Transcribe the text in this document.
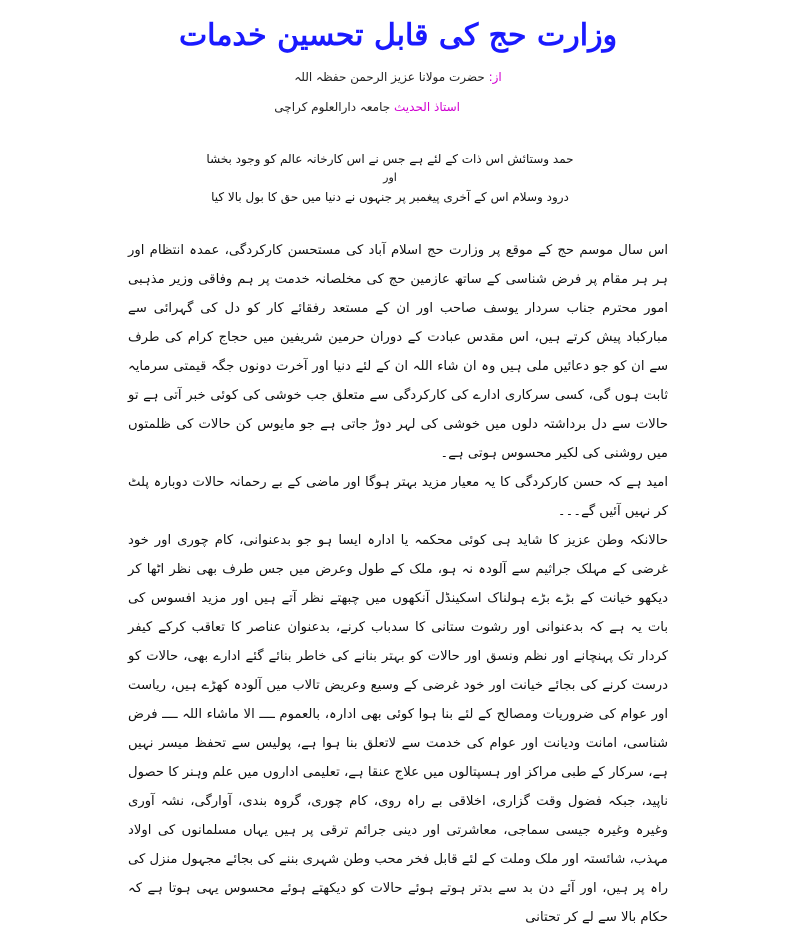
وزارت حج کی قابل تحسین خدمات
از: حضرت مولانا عزیز الرحمن حفظہ اللہ
استاذ الحدیث جامعہ دارالعلوم کراچی

حمد وستائش اس ذات کے لئے ہے جس نے اس کارخانہ عالم کو وجود بخشا

اور

درود وسلام اس کے آخری پیغمبر پر جنہوں نے دنیا میں حق کا بول بالا کیا

اس سال موسم حج کے موقع پر وزارت حج اسلام آباد کی مستحسن کارکردگی، عمدہ انتظام اور ہر ہر مقام پر فرض شناسی کے ساتھ عازمین حج کی مخلصانہ خدمت پر ہم وفاقی وزیر مذہبی امور محترم جناب سردار یوسف صاحب اور ان کے مستعد رفقائے کار کو دل کی گہرائی سے مبارکباد پیش کرتے ہیں، اس مقدس عبادت کے دوران حرمین شریفین میں حجاج کرام کی طرف سے ان کو جو دعائیں ملی ہیں وہ ان شاء اللہ ان کے لئے دنیا اور آخرت دونوں جگہ قیمتی سرمایہ ثابت ہوں گی، کسی سرکاری ادارے کی کارکردگی سے متعلق جب خوشی کی کوئی خبر آتی ہے تو حالات سے دل برداشتہ دلوں میں خوشی کی لہر دوڑ جاتی ہے جو مایوس کن حالات کی ظلمتوں میں روشنی کی لکیر محسوس ہوتی ہے۔

امید ہے کہ حسن کارکردگی کا یہ معیار مزید بہتر ہوگا اور ماضی کے بے رحمانہ حالات دوبارہ پلٹ کر نہیں آئیں گے۔۔۔

حالانکہ وطن عزیز کا شاید ہی کوئی محکمہ یا ادارہ ایسا ہو جو بدعنوانی، کام چوری اور خود غرضی کے مہلک جراثیم سے آلودہ نہ ہو، ملک کے طول وعرض میں جس طرف بھی نظر اٹھا کر دیکھو خیانت کے بڑے بڑے ہولناک اسکینڈل آنکھوں میں چبھتے نظر آتے ہیں اور مزید افسوس کی بات یہ ہے کہ بدعنوانی اور رشوت ستانی کا سدباب کرنے، بدعنوان عناصر کا تعاقب کرکے کیفر کردار تک پہنچانے اور نظم ونسق اور حالات کو بہتر بنانے کی خاطر بنائے گئے ادارے بھی، حالات کو درست کرنے کی بجائے خیانت اور خود غرضی کے وسیع وعریض تالاب میں آلودہ کھڑے ہیں، ریاست اور عوام کی ضروریات ومصالح کے لئے بنا ہوا کوئی بھی ادارہ، بالعموم ــــ الا ماشاء اللہ ــــ فرض شناسی، امانت ودیانت اور عوام کی خدمت سے لاتعلق بنا ہوا ہے، پولیس سے تحفظ میسر نہیں ہے، سرکار کے طبی مراکز اور ہسپتالوں میں علاج عنقا ہے، تعلیمی اداروں میں علم وہنر کا حصول ناپید، جبکہ فضول وقت گزاری، اخلاقی بے راہ روی، کام چوری، گروہ بندی، آوارگی، نشہ آوری وغیرہ وغیرہ جیسی سماجی، معاشرتی اور دینی جرائم ترقی پر ہیں یہاں مسلمانوں کی اولاد مہذب، شائستہ اور ملک وملت کے لئے قابل فخر محب وطن شہری بننے کی بجائے مجہول منزل کی راہ پر ہیں، اور آئے دن بد سے بدتر ہوتے ہوئے حالات کو دیکھتے ہوئے محسوس یہی ہوتا ہے کہ حکام بالا سے لے کر تحتانی
